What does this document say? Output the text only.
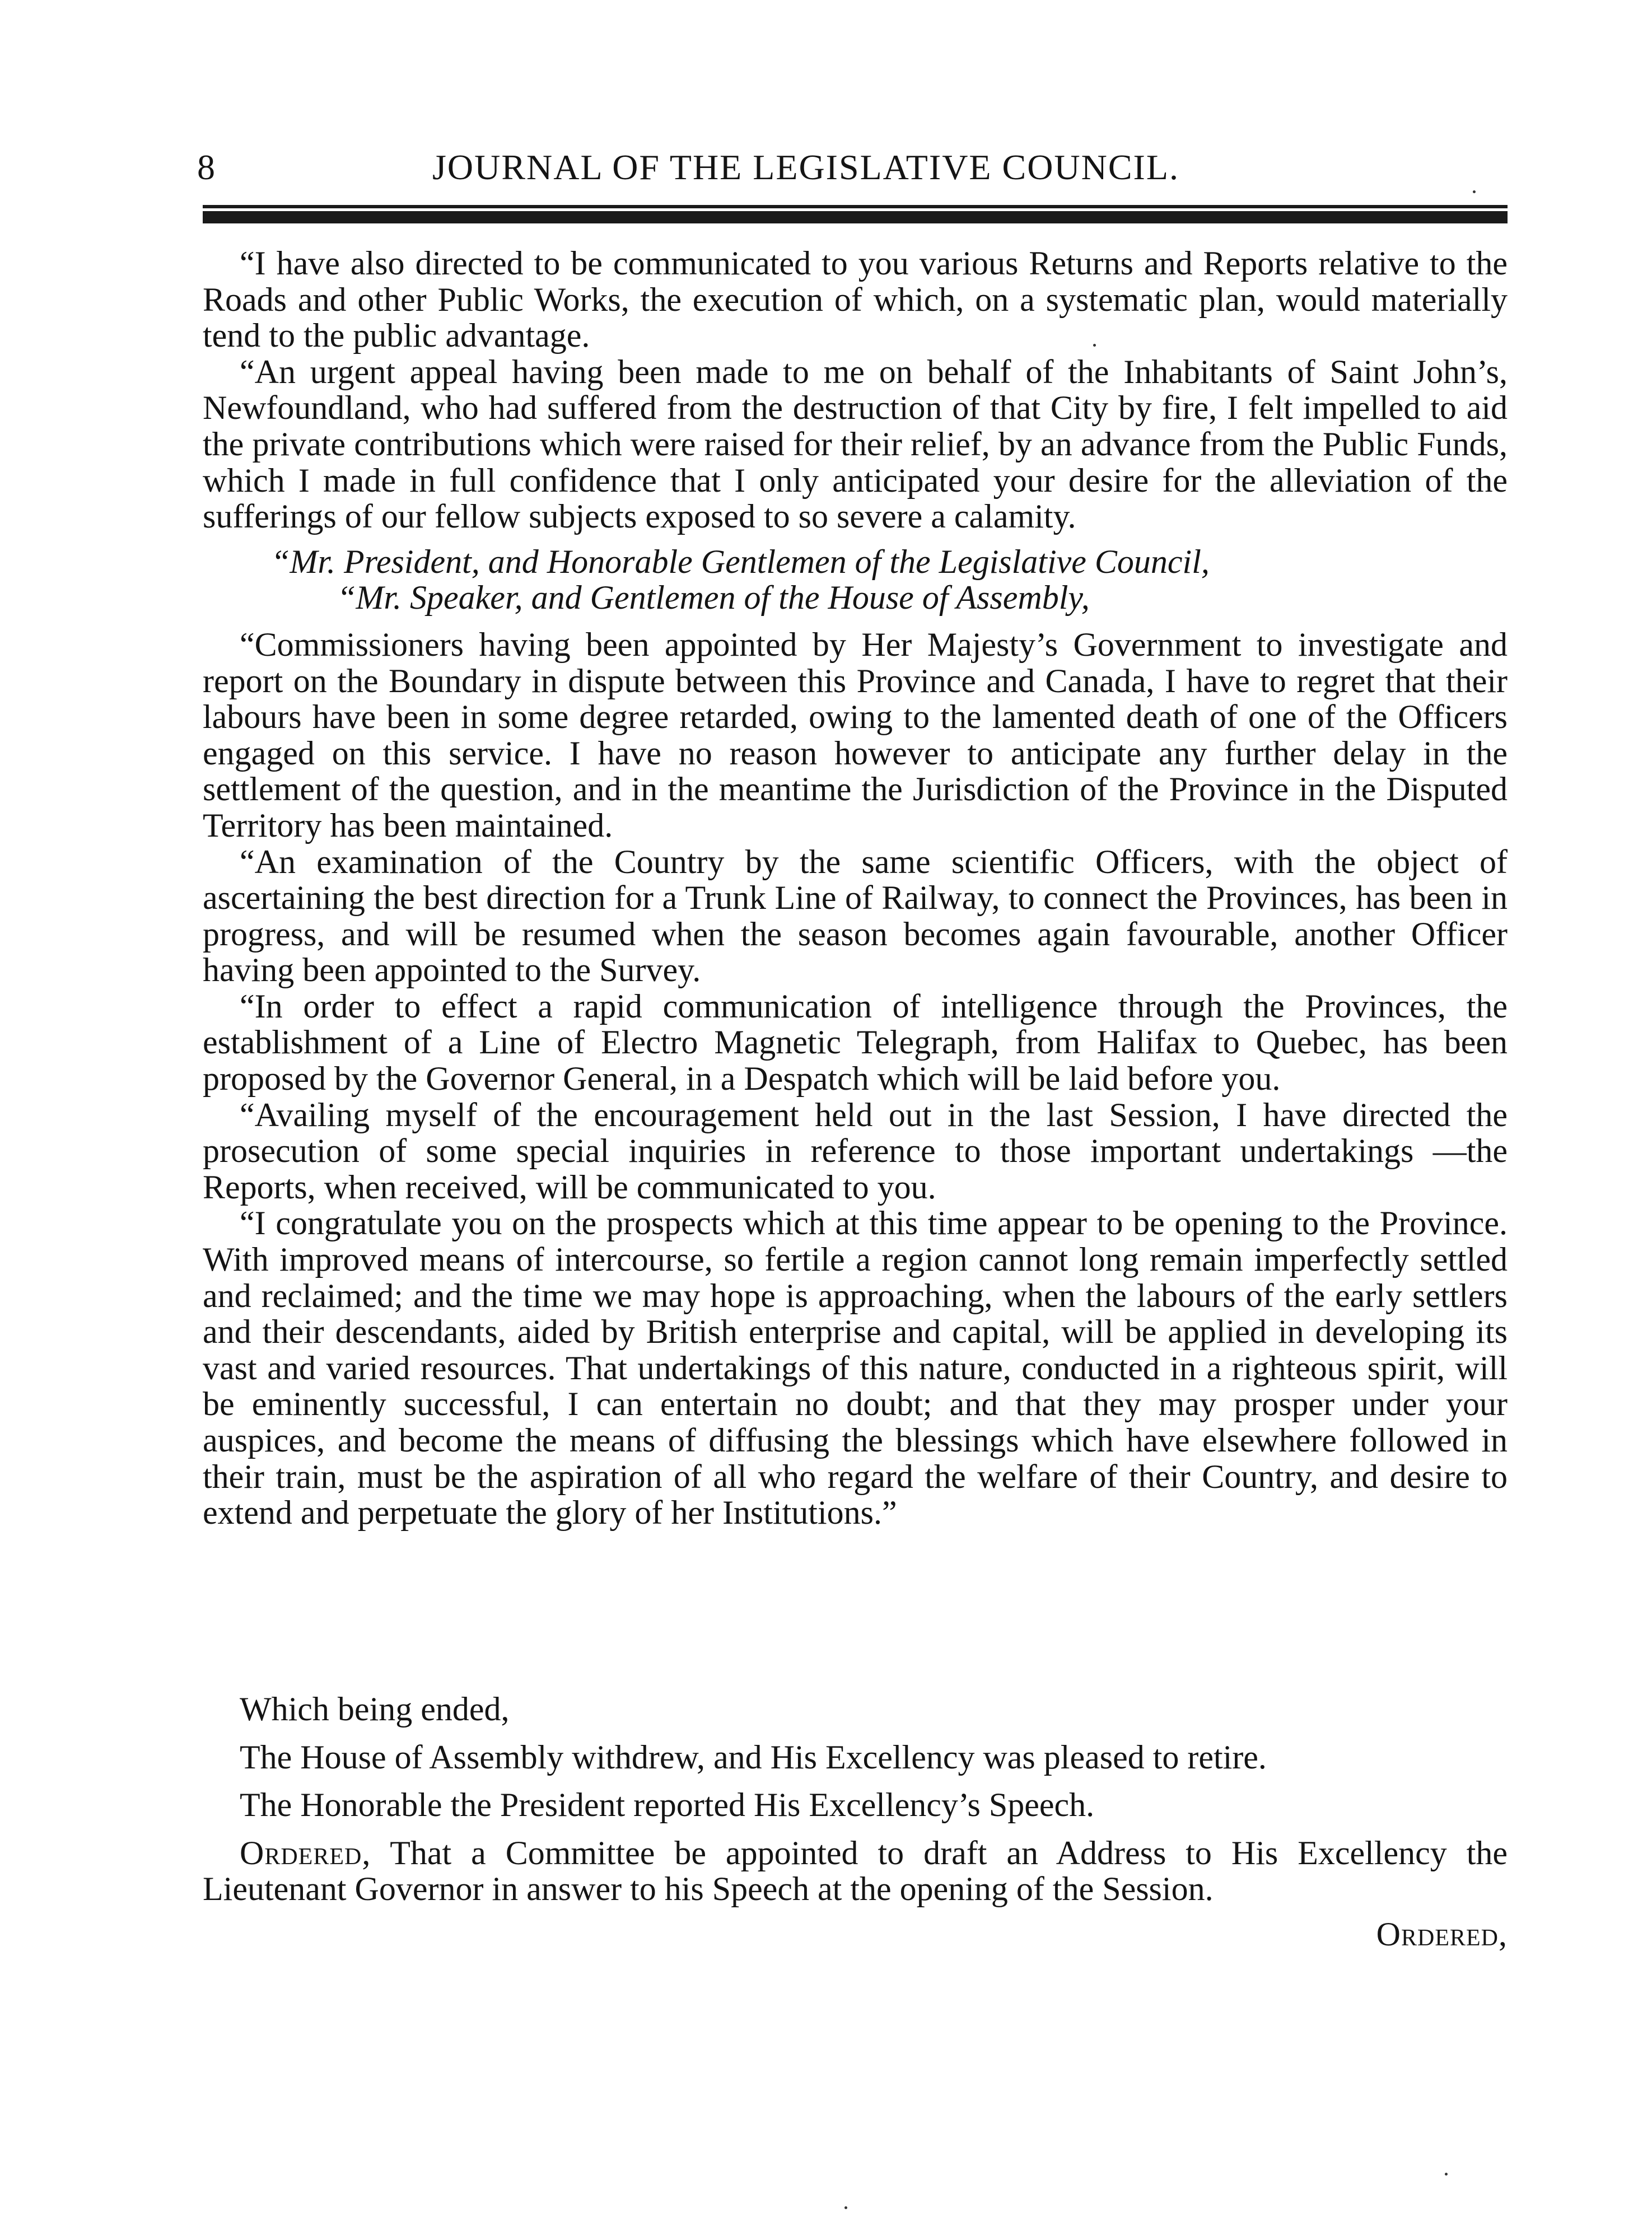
8	JOURNAL OF THE LEGISLATIVE COUNCIL.

“I have also directed to be communicated to you various Returns and Reports relative to the Roads and other Public Works, the execution of which, on a systematic plan, would materially tend to the public advantage.

“An urgent appeal having been made to me on behalf of the Inhabitants of Saint John’s, Newfoundland, who had suffered from the destruction of that City by fire, I felt impelled to aid the private contributions which were raised for their relief, by an advance from the Public Funds, which I made in full confidence that I only anticipated your desire for the alleviation of the sufferings of our fellow subjects exposed to so severe a calamity.

“Mr. President, and Honorable Gentlemen of the Legislative Council,
“Mr. Speaker, and Gentlemen of the House of Assembly,

“Commissioners having been appointed by Her Majesty’s Government to investigate and report on the Boundary in dispute between this Province and Canada, I have to regret that their labours have been in some degree retarded, owing to the lamented death of one of the Officers engaged on this service. I have no reason however to anticipate any further delay in the settlement of the question, and in the meantime the Jurisdiction of the Province in the Disputed Territory has been maintained.

“An examination of the Country by the same scientific Officers, with the object of ascertaining the best direction for a Trunk Line of Railway, to connect the Provinces, has been in progress, and will be resumed when the season becomes again favourable, another Officer having been appointed to the Survey.

“In order to effect a rapid communication of intelligence through the Provinces, the establishment of a Line of Electro Magnetic Telegraph, from Halifax to Quebec, has been proposed by the Governor General, in a Despatch which will be laid before you.

“Availing myself of the encouragement held out in the last Session, I have directed the prosecution of some special inquiries in reference to those important undertakings —the Reports, when received, will be communicated to you.

“I congratulate you on the prospects which at this time appear to be opening to the Province. With improved means of intercourse, so fertile a region cannot long remain imperfectly settled and reclaimed; and the time we may hope is approaching, when the labours of the early settlers and their descendants, aided by British enterprise and capital, will be applied in developing its vast and varied resources. That undertakings of this nature, conducted in a righteous spirit, will be eminently successful, I can entertain no doubt; and that they may prosper under your auspices, and become the means of diffusing the blessings which have elsewhere followed in their train, must be the aspiration of all who regard the welfare of their Country, and desire to extend and perpetuate the glory of her Institutions.”

Which being ended,

The House of Assembly withdrew, and His Excellency was pleased to retire.

The Honorable the President reported His Excellency’s Speech.

Ordered, That a Committee be appointed to draft an Address to His Excellency the Lieutenant Governor in answer to his Speech at the opening of the Session.

Ordered,
